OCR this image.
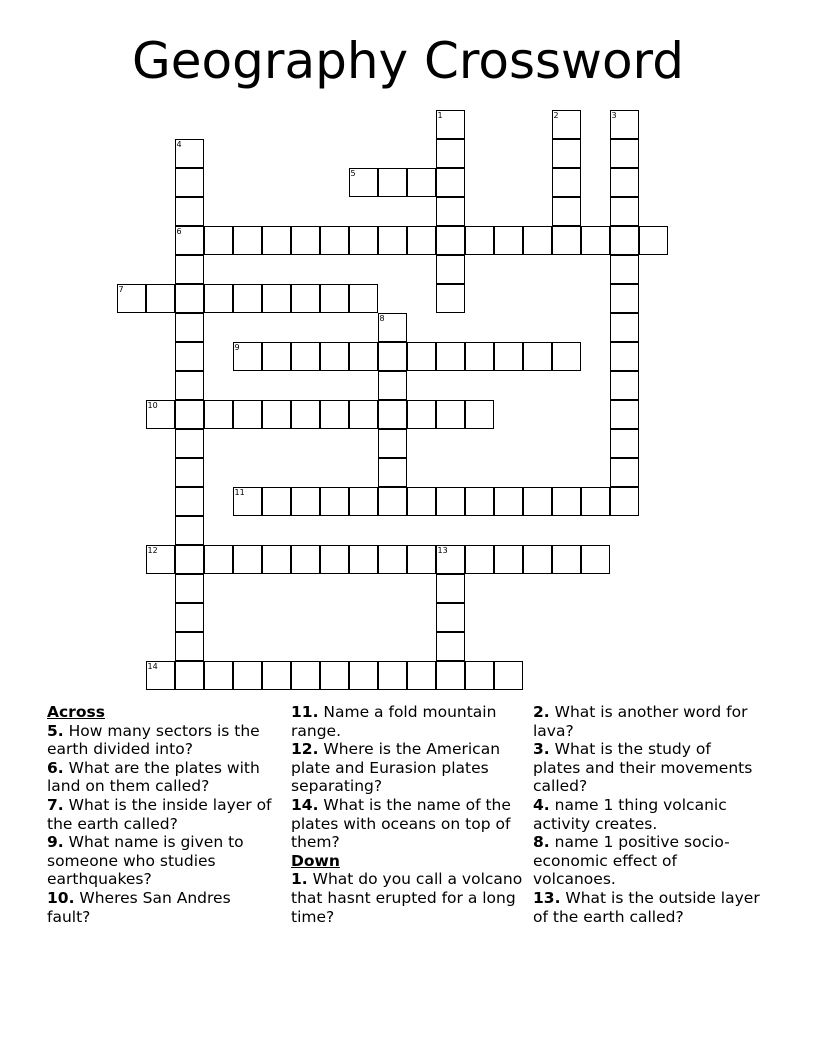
Geography Crossword
1	2	3
4
6
5
7
8
9
10
11
12	13
14

Across

5. How many sectors is the earth divided into?

6. What are the plates with land on them called?

7. What is the inside layer of the earth called?

9. What name is given to someone who studies earthquakes?

10. Wheres San Andres fault?

11. Name a fold mountain range.

12. Where is the American plate and Eurasion plates separating?

14. What is the name of the plates with oceans on top of them?

Down

1. What do you call a volcano that hasnt erupted for a long time?

2. What is another word for lava?

3. What is the study of plates and their movements called?

4. name 1 thing volcanic activity creates.

8. name 1 positive socio-economic effect of volcanoes.

13. What is the outside layer of the earth called?
